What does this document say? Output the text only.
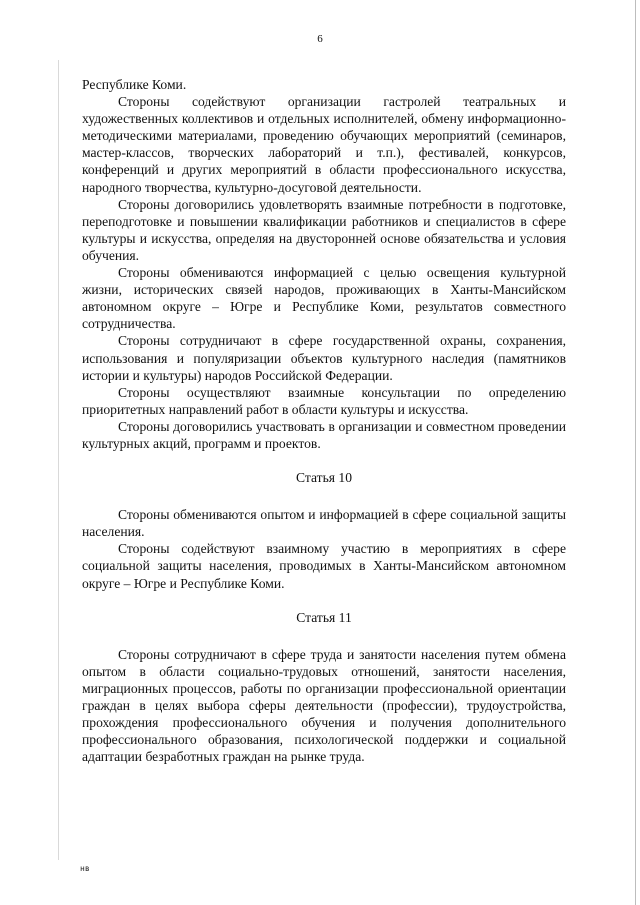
6

Республике Коми.

Стороны содействуют организации гастролей театральных и художественных коллективов и отдельных исполнителей, обмену информационно-методическими материалами, проведению обучающих мероприятий (семинаров, мастер-классов, творческих лабораторий и т.п.), фестивалей, конкурсов, конференций и других мероприятий в области профессионального искусства, народного творчества, культурно-досуговой деятельности.

Стороны договорились удовлетворять взаимные потребности в подготовке, переподготовке и повышении квалификации работников и специалистов в сфере культуры и искусства, определяя на двусторонней основе обязательства и условия обучения.

Стороны обмениваются информацией с целью освещения культурной жизни, исторических связей народов, проживающих в Ханты-Мансийском автономном округе – Югре и Республике Коми, результатов совместного сотрудничества.

Стороны сотрудничают в сфере государственной охраны, сохранения, использования и популяризации объектов культурного наследия (памятников истории и культуры) народов Российской Федерации.

Стороны осуществляют взаимные консультации по определению приоритетных направлений работ в области культуры и искусства.

Стороны договорились участвовать в организации и совместном проведении культурных акций, программ и проектов.

Статья 10

Стороны обмениваются опытом и информацией в сфере социальной защиты населения.

Стороны содействуют взаимному участию в мероприятиях в сфере социальной защиты населения, проводимых в Ханты-Мансийском автономном округе – Югре и Республике Коми.

Статья 11

Стороны сотрудничают в сфере труда и занятости населения путем обмена опытом в области социально-трудовых отношений, занятости населения, миграционных процессов, работы по организации профессиональной ориентации граждан в целях выбора сферы деятельности (профессии), трудоустройства, прохождения профессионального обучения и получения дополнительного профессионального образования, психологической поддержки и социальной адаптации безработных граждан на рынке труда.

нв
